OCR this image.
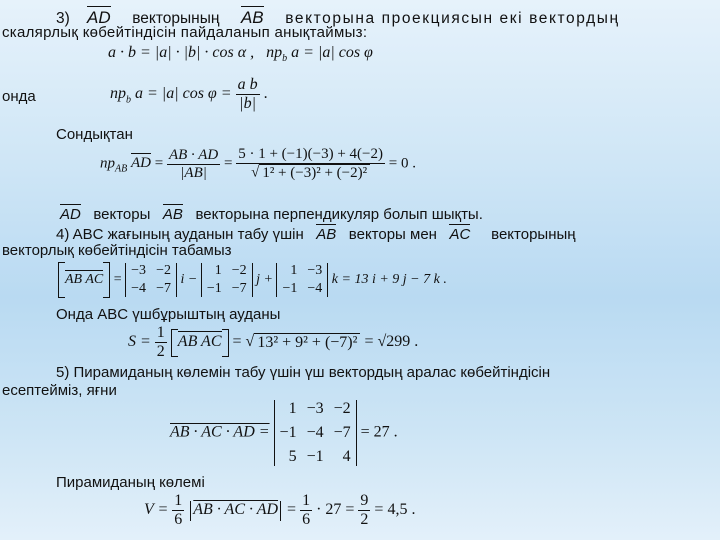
3) AD векторының AB векторына проекциясын екі вектордың
скалярлық көбейтіндісін пайдаланып анықтаймыз:
a · b = |a| · |b| · cos α , $np_b$ a = |a| cos φ
онда	$np_b$ a = |a| $\cos \varphi = \frac{\text{a b}}{|b|}$ .
Сондықтан
$np_{AB}$ AD = $\frac{AB \cdot AD}{|AB|} = \frac{5 \cdot 1 + (-1)(-3) + 4(-2)}{\text{√ 1² + (−3)² + (−2)²}} = 0$ .
AD векторы AB векторына перпендикуляр болып шықты.
4) ABC жағының ауданын табу үшін AB векторы мен AC векторының
векторлық көбейтіндісін табамыз
AB AC =
−3 −2
−4 −7
i −
1 −2
−1 −7
j +
1 −3
−1 −4
k = 13 i + 9 j − 7 k .
Онда ABC үшбұрыштың ауданы
$S = \frac{1}{2}$ AB AC = √ 13² + 9² + (−7)² = √299 .
5) Пирамиданың көлемін табу үшін үш вектордың аралас көбейтіндісін
есептейміз, яғни
AB · AC · AD =
1 −3 −2
−1 −4 −7
5 −1	4
= 27 .
Пирамиданың көлемі
$V = \frac{1}{6}$ AB · AC · AD = $\frac{1}{6} \cdot 27 = \frac{9}{2} = 4,5$ .
